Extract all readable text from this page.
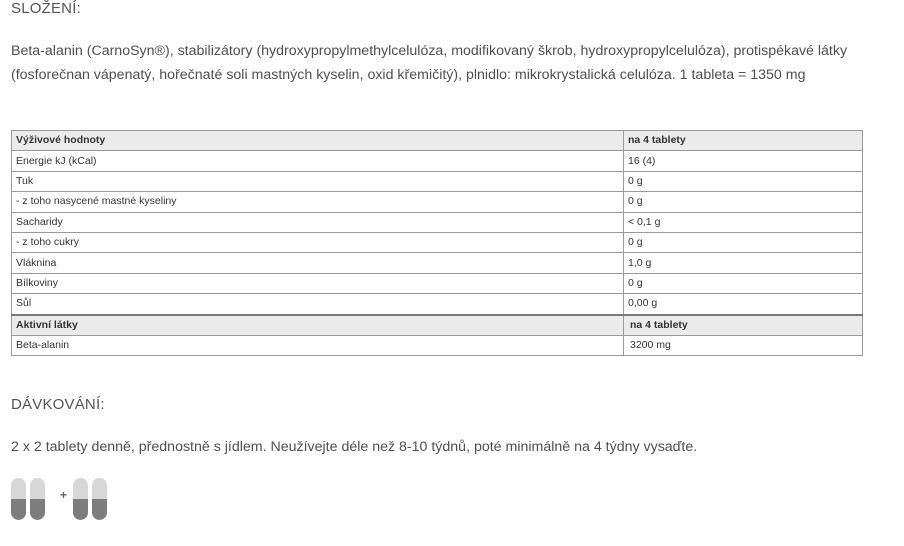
SLOŽENÍ:

Beta-alanin (CarnoSyn®), stabilizátory (hydroxypropylmethylcelulóza, modifikovaný škrob, hydroxypropylcelulóza), protispékavé látky (fosforečnan vápenatý, hořečnaté soli mastných kyselin, oxid křemičitý), plnidlo: mikrokrystalická celulóza. 1 tableta = 1350 mg

Výživové hodnoty	na 4 tablety
Energie kJ (kCal)	16 (4)
Tuk	0 g
- z toho nasycené mastné kyseliny	0 g
Sacharidy	< 0,1 g
- z toho cukry	0 g
Vláknina	1,0 g
Bílkoviny	0 g
Sůl	0,00 g
Aktivní látky	na 4 tablety
Beta-alanin	3200 mg
DÁVKOVÁNÍ:

2 x 2 tablety denně, přednostně s jídlem. Neužívejte déle než 8-10 týdnů, poté minimálně na 4 týdny vysaďte.

+
